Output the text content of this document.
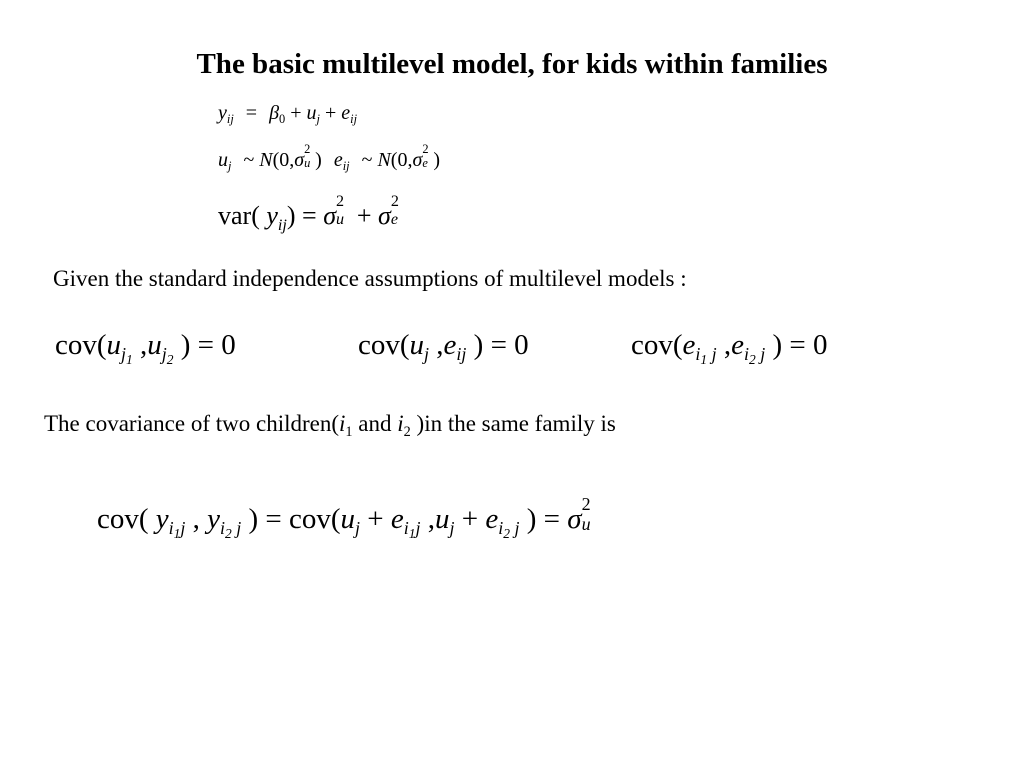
The basic multilevel model, for kids within families
$y_{ij} = \beta_0 + u_j + e_{ij}$
$u_j$ ~ N(0,σ 2
u ) $e_{ij}$ ~ N(0,σ 2
e )
var( $y_{ij}) = \sigma$ 2
u + σ 2
e
Given the standard independence assumptions of multilevel models :
$cov(u_{j_1}$ $,u_{j_2}$ ) = 0	$cov(u_j$ $,e_{ij}$ ) = 0	$cov(e_{i_1 j}$ $,e_{i_2 j}$ ) = 0
The covariance of two $children(i_1$ and $i_2$ )in the same family is
cov( $y_{i_1j}$ , $y_{i_2 j}$ ) = $cov(u_j + e_{i_1j}$ $,u_j + e_{i_2 j}$ ) = σ 2
u
